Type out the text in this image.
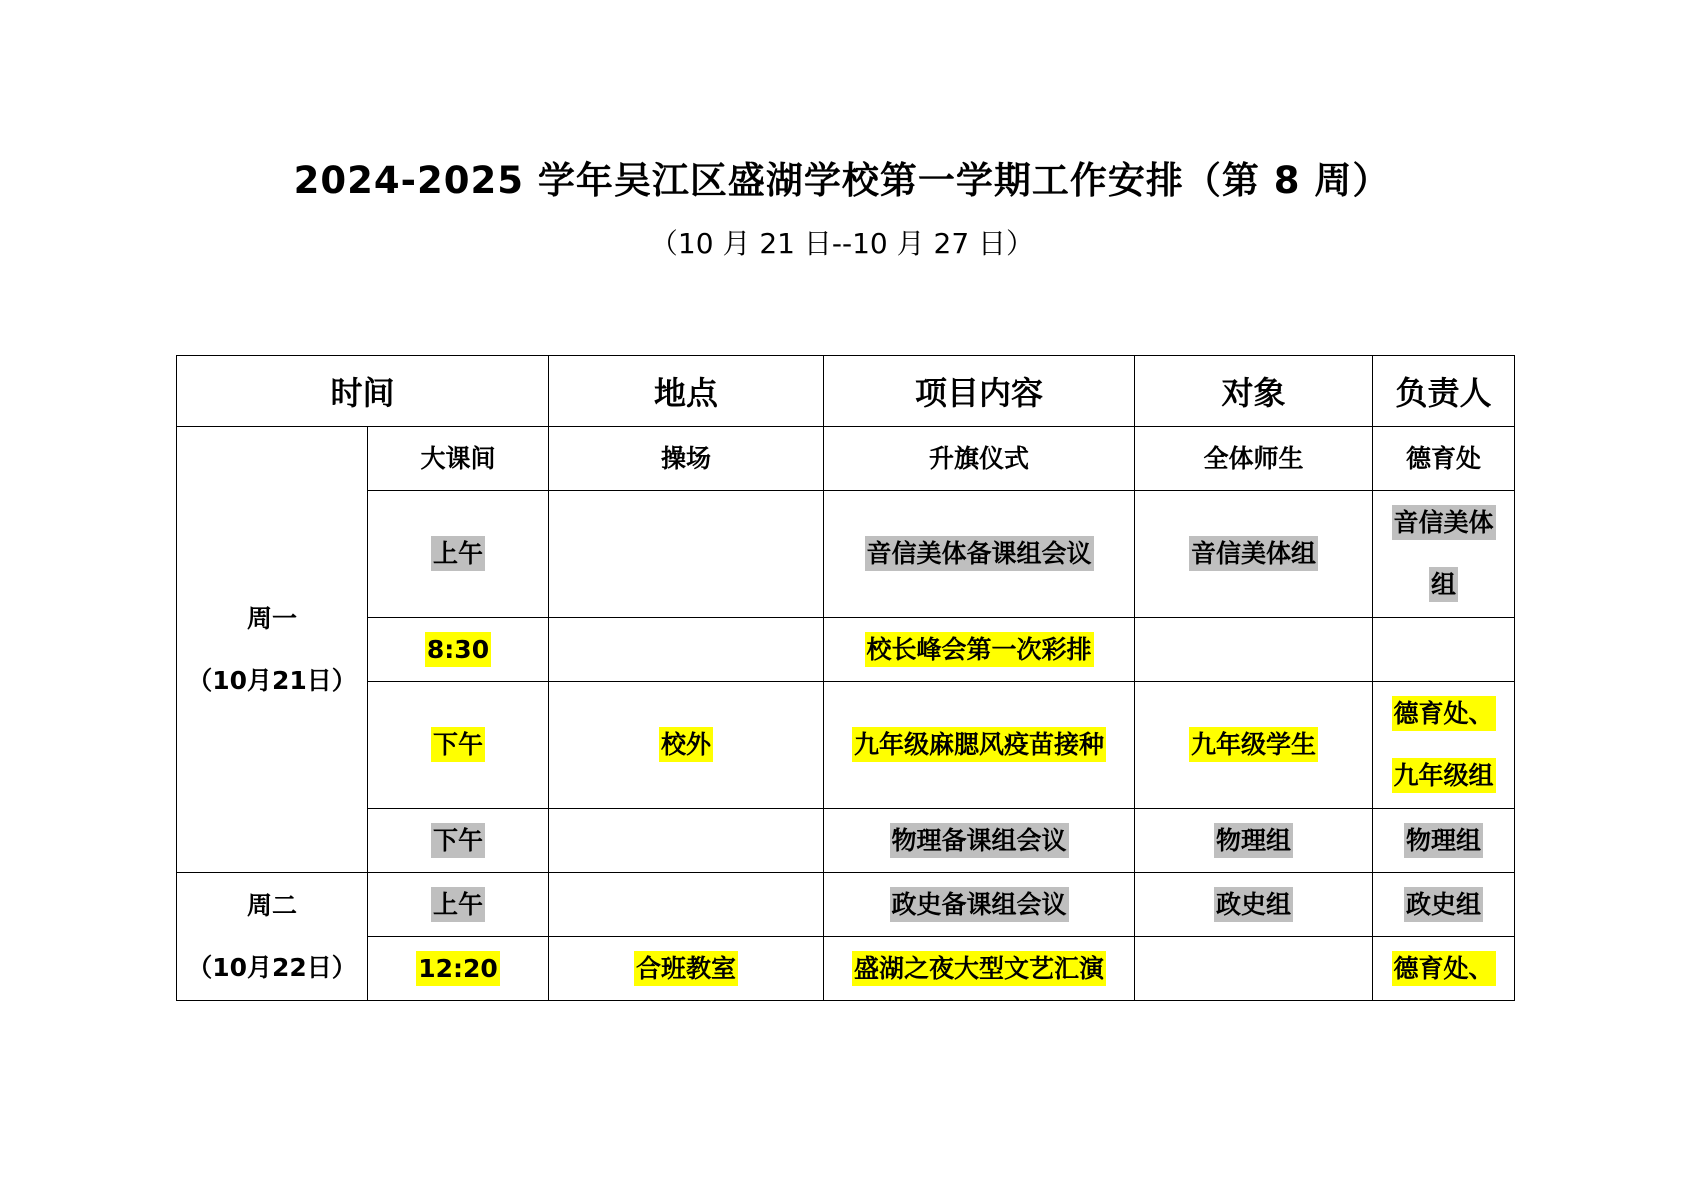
2024-2025 学年吴江区盛湖学校第一学期工作安排（第 8 周）
（10 月 21 日--10 月 27 日）
时间		地点	项目内容	对象	负责人

周一
（10月21日）	大课间	操场	升旗仪式	全体师生	德育处
	上午		音信美体备课组会议	音信美体组	音信美体
组
	8:30		校长峰会第一次彩排		
	下午	校外	九年级麻腮风疫苗接种	九年级学生	德育处、
九年级组
	下午		物理备课组会议	物理组	物理组

周二
（10月22日）	上午		政史备课组会议	政史组	政史组
	12:20	合班教室	盛湖之夜大型文艺汇演		德育处、
